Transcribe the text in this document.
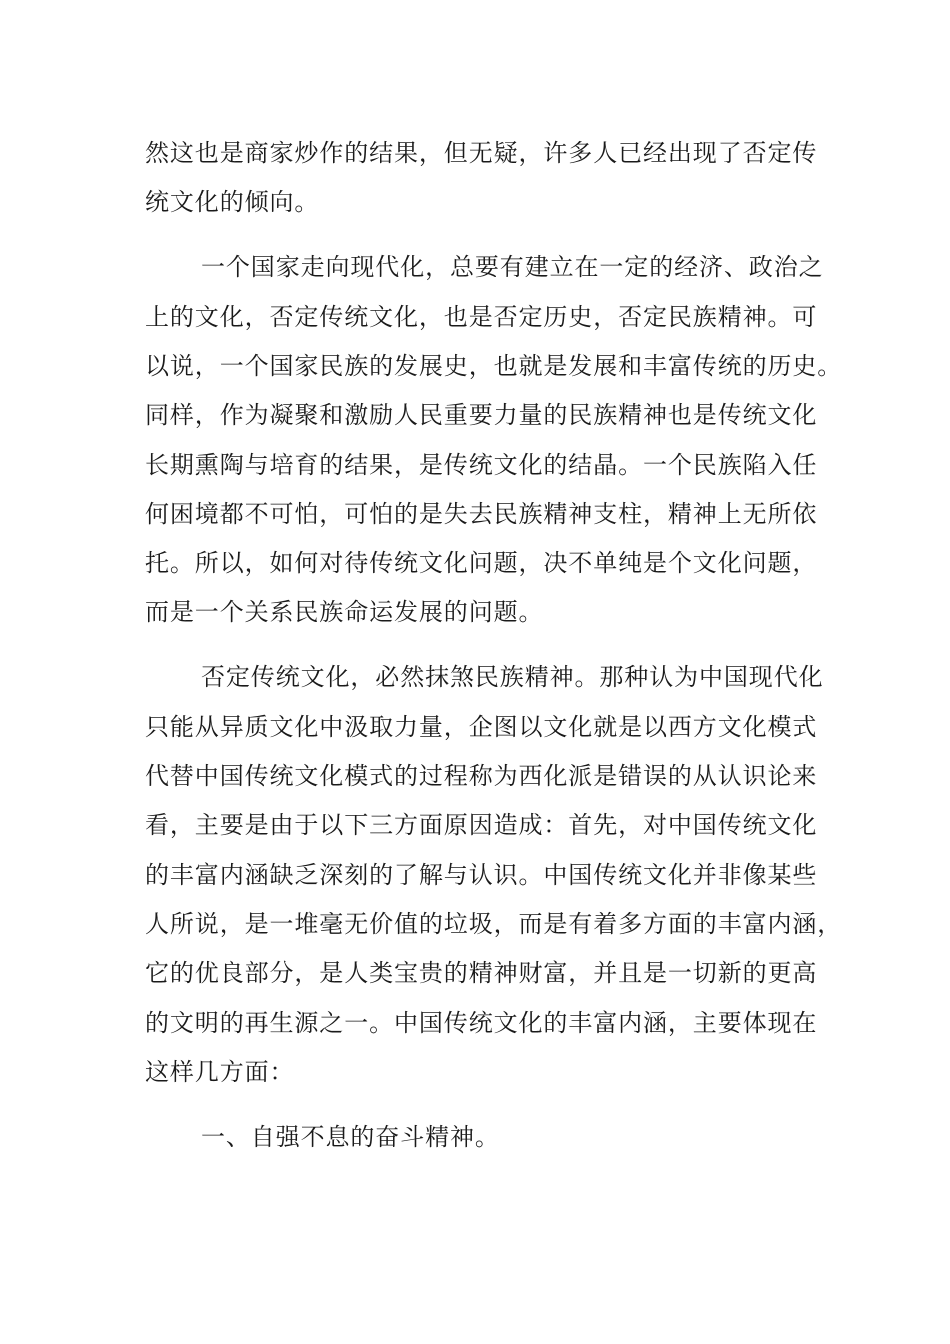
然这也是商家炒作的结果，但无疑，许多人已经出现了否定传
统文化的倾向。
一个国家走向现代化，总要有建立在一定的经济、政治之
上的文化，否定传统文化，也是否定历史，否定民族精神。可
以说，一个国家民族的发展史，也就是发展和丰富传统的历史。
同样，作为凝聚和激励人民重要力量的民族精神也是传统文化
长期熏陶与培育的结果，是传统文化的结晶。一个民族陷入任
何困境都不可怕，可怕的是失去民族精神支柱，精神上无所依
托。所以，如何对待传统文化问题，决不单纯是个文化问题，
而是一个关系民族命运发展的问题。
否定传统文化，必然抹煞民族精神。那种认为中国现代化
只能从异质文化中汲取力量，企图以文化就是以西方文化模式
代替中国传统文化模式的过程称为西化派是错误的从认识论来
看，主要是由于以下三方面原因造成：首先，对中国传统文化
的丰富内涵缺乏深刻的了解与认识。中国传统文化并非像某些
人所说，是一堆毫无价值的垃圾，而是有着多方面的丰富内涵，
它的优良部分，是人类宝贵的精神财富，并且是一切新的更高
的文明的再生源之一。中国传统文化的丰富内涵，主要体现在
这样几方面：
一、自强不息的奋斗精神。
